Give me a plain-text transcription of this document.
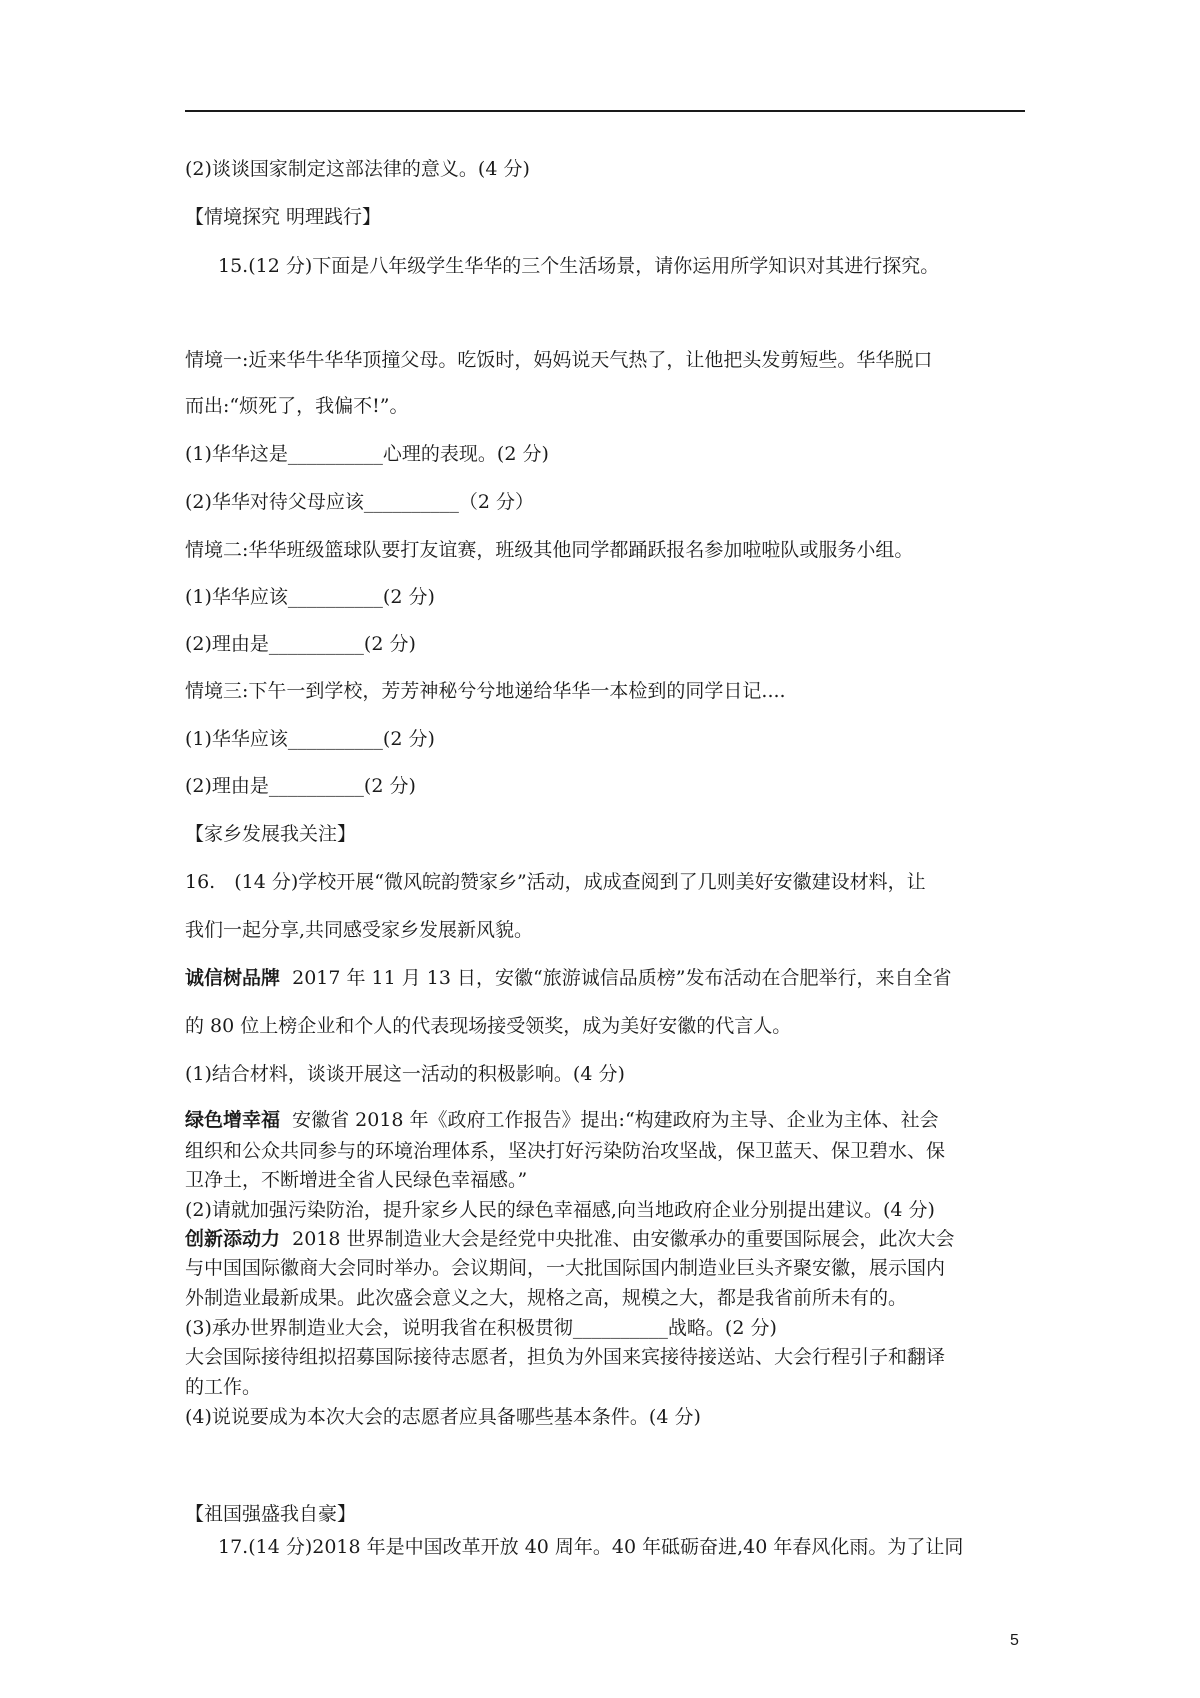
(2)谈谈国家制定这部法律的意义。(4 分)
【情境探究 明理践行】
15.(12 分)下面是八年级学生华华的三个生活场景，请你运用所学知识对其进行探究。
情境一:近来华牛华华顶撞父母。吃饭时，妈妈说天气热了，让他把头发剪短些。华华脱口
而出:“烦死了，我偏不!”。
(1)华华这是__________心理的表现。(2 分)
(2)华华对待父母应该__________（2 分）
情境二:华华班级篮球队要打友谊赛，班级其他同学都踊跃报名参加啦啦队或服务小组。
(1)华华应该__________(2 分)
(2)理由是__________(2 分)
情境三:下午一到学校，芳芳神秘兮兮地递给华华一本检到的同学日记....
(1)华华应该__________(2 分)
(2)理由是__________(2 分)
【家乡发展我关注】
16.　(14 分)学校开展“微风皖韵赞家乡”活动，成成查阅到了几则美好安徽建设材料，让
我们一起分享,共同感受家乡发展新风貌。
诚信树品牌 2017 年 11 月 13 日，安徽“旅游诚信品质榜”发布活动在合肥举行，来自全省
的 80 位上榜企业和个人的代表现场接受领奖，成为美好安徽的代言人。
(1)结合材料，谈谈开展这一活动的积极影响。(4 分)
绿色增幸福 安徽省 2018 年《政府工作报告》提出:“构建政府为主导、企业为主体、社会
组织和公众共同参与的环境治理体系，坚决打好污染防治攻坚战，保卫蓝天、保卫碧水、保
卫净土，不断增进全省人民绿色幸福感。”
(2)请就加强污染防治，提升家乡人民的绿色幸福感,向当地政府企业分别提出建议。(4 分)
创新添动力 2018 世界制造业大会是经党中央批准、由安徽承办的重要国际展会，此次大会
与中国国际徽商大会同时举办。会议期间，一大批国际国内制造业巨头齐聚安徽，展示国内
外制造业最新成果。此次盛会意义之大，规格之高，规模之大，都是我省前所未有的。
(3)承办世界制造业大会，说明我省在积极贯彻__________战略。(2 分)
大会国际接待组拟招募国际接待志愿者，担负为外国来宾接待接送站、大会行程引子和翻译
的工作。
(4)说说要成为本次大会的志愿者应具备哪些基本条件。(4 分)
【祖国强盛我自豪】
17.(14 分)2018 年是中国改革开放 40 周年。40 年砥砺奋进,40 年春风化雨。为了让同
5
